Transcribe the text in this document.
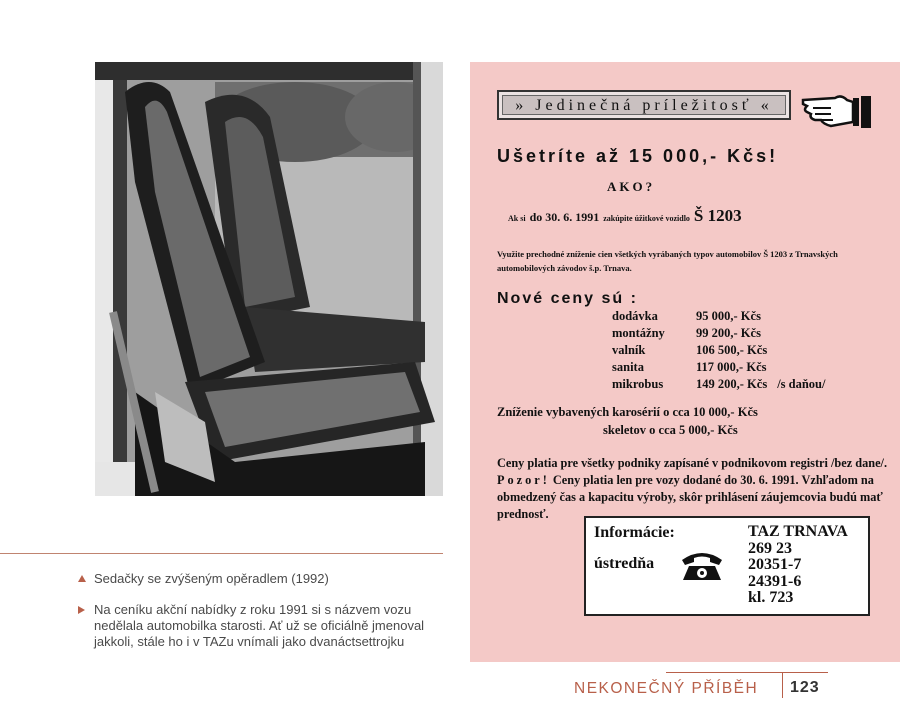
Sedačky se zvýšeným opěradlem (1992)
Na ceníku akční nabídky z roku 1991 si s názvem vozu nedělala automobilka starosti. Ať už se oficiálně jmenoval jakkoli, stále ho i v TAZu vnímali jako dvanáctsettrojku
» Jedinečná príležitosť «
Ušetríte až 15 000,- Kčs!
AKO?
Ak si do 30. 6. 1991 zakúpite úžitkové vozidlo Š 1203
Využite prechodné zníženie cien všetkých vyrábaných typov automobilov Š 1203 z Trnavských automobilových závodov š.p. Trnava.
Nové ceny sú :
dodávka	95 000,- Kčs
montážny 99 200,- Kčs
valník	106 500,- Kčs
sanita	117 000,- Kčs
mikrobus	149 200,- Kčs /s daňou/
Zníženie vybavených karosérií o cca 10 000,- Kčs
skeletov o cca 5 000,- Kčs
Ceny platia pre všetky podniky zapísané v podnikovom registri /bez dane/. Pozor! Ceny platia len pre vozy dodané do 30. 6. 1991. Vzhľadom na obmedzený čas a kapacitu výroby, skôr prihlásení záujemcovia budú mať prednosť.
Informácie:
ústredňa
TAZ TRNAVA
269 23
20351-7
24391-6
kl. 723
NEKONEČNÝ PŘÍBĚH 123
